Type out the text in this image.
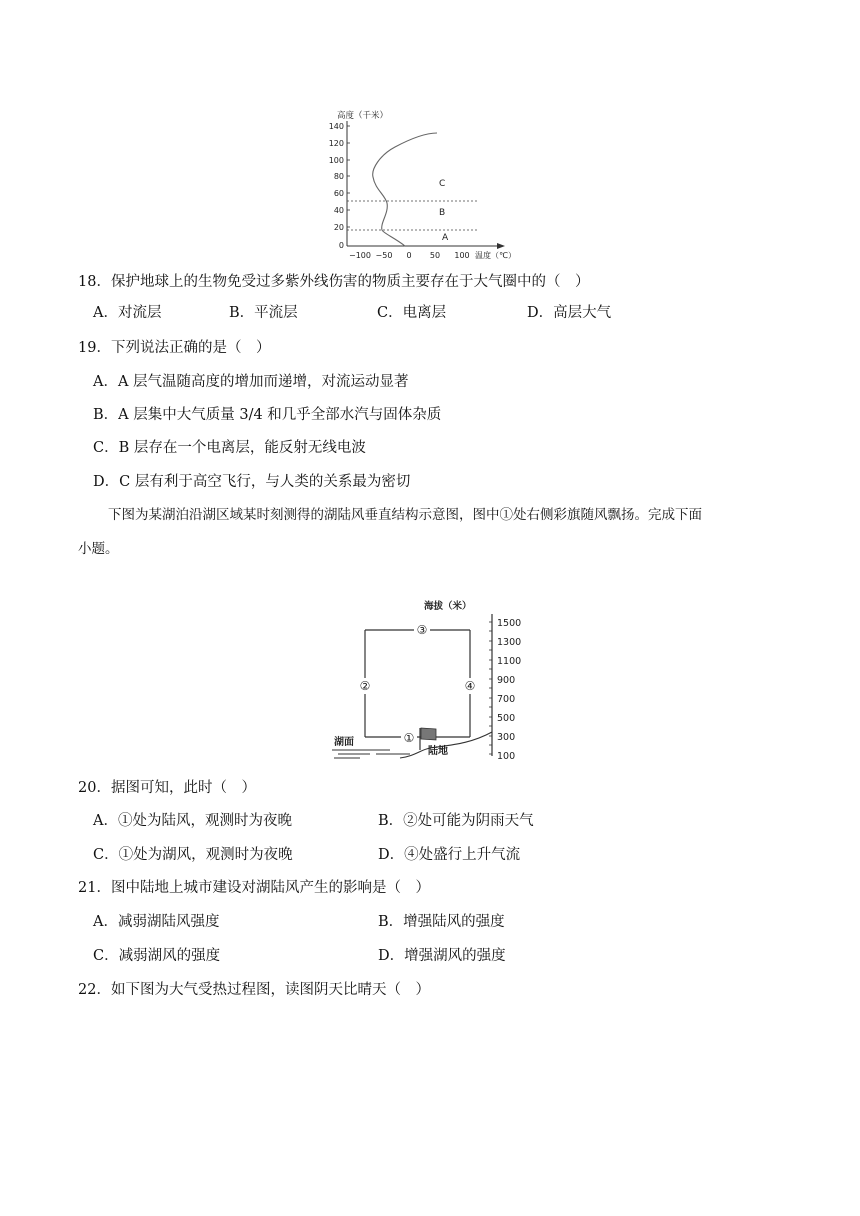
高度（千米）
140
120
100
80
60
40
20
0
−100 −50 0 50 100 温度（℃）
C
B
A
18．保护地球上的生物免受过多紫外线伤害的物质主要存在于大气圈中的（　）
A．对流层	B．平流层	C．电离层	D．高层大气
19．下列说法正确的是（　）
A．A 层气温随高度的增加而递增，对流运动显著
B．A 层集中大气质量 3/4 和几乎全部水汽与固体杂质
C．B 层存在一个电离层，能反射无线电波
D．C 层有利于高空飞行，与人类的关系最为密切
下图为某湖泊沿湖区域某时刻测得的湖陆风垂直结构示意图，图中①处右侧彩旗随风飘扬。完成下面
小题。
海拔（米）
1500
1300
1100
900
700
500
300
100
③
②	④
①
湖面
陆地
20．据图可知，此时（　）
A．①处为陆风，观测时为夜晚	B．②处可能为阴雨天气
C．①处为湖风，观测时为夜晚	D．④处盛行上升气流
21．图中陆地上城市建设对湖陆风产生的影响是（　）
A．减弱湖陆风强度	B．增强陆风的强度
C．减弱湖风的强度	D．增强湖风的强度
22．如下图为大气受热过程图，读图阴天比晴天（　）
